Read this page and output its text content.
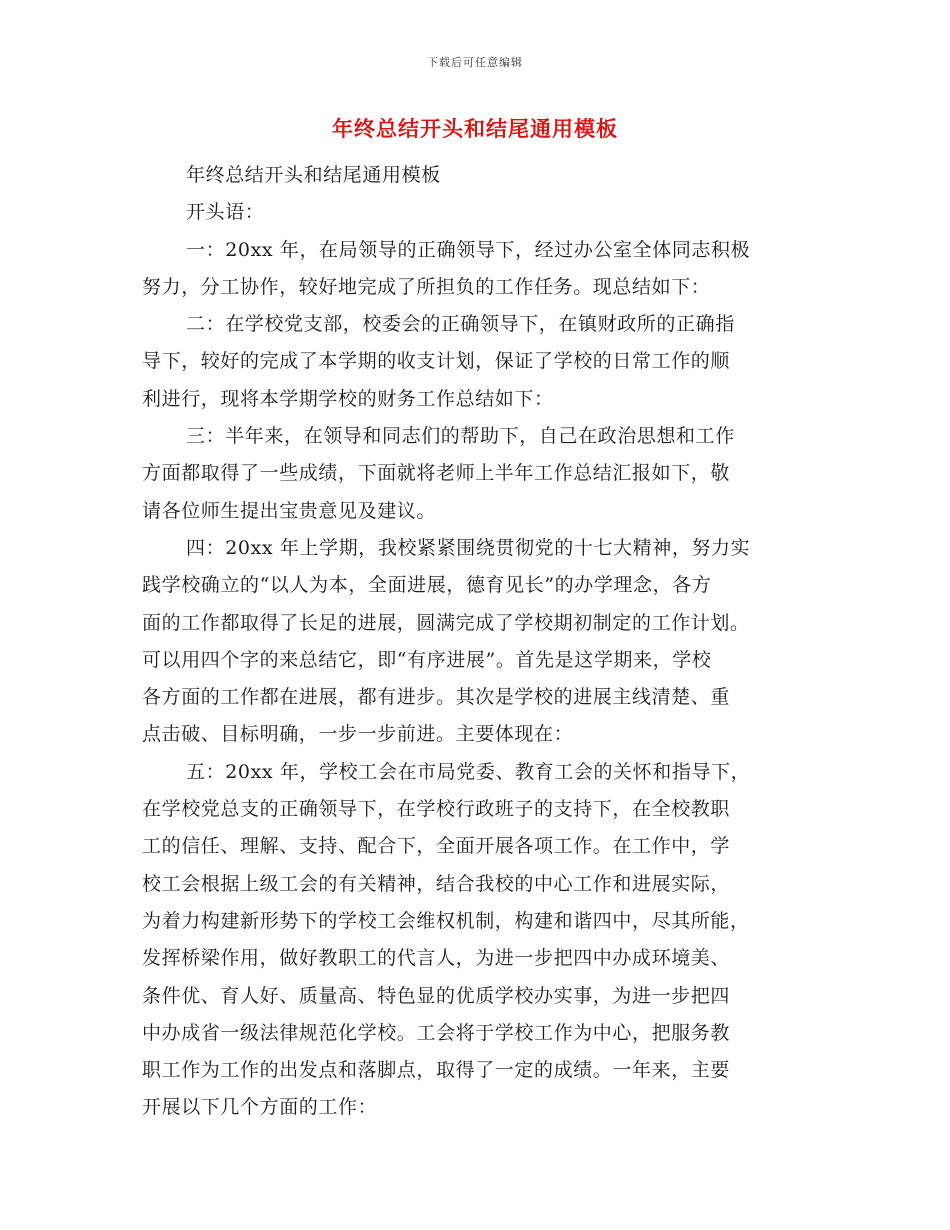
下载后可任意编辑
年终总结开头和结尾通用模板
年终总结开头和结尾通用模板
开头语：
一：20xx 年，在局领导的正确领导下，经过办公室全体同志积极
努力，分工协作，较好地完成了所担负的工作任务。现总结如下：
二：在学校党支部，校委会的正确领导下，在镇财政所的正确指
导下，较好的完成了本学期的收支计划，保证了学校的日常工作的顺
利进行，现将本学期学校的财务工作总结如下：
三：半年来，在领导和同志们的帮助下，自己在政治思想和工作
方面都取得了一些成绩，下面就将老师上半年工作总结汇报如下，敬
请各位师生提出宝贵意见及建议。
四：20xx 年上学期，我校紧紧围绕贯彻党的十七大精神，努力实
践学校确立的“以人为本，全面进展，德育见长”的办学理念，各方
面的工作都取得了长足的进展，圆满完成了学校期初制定的工作计划。
可以用四个字的来总结它，即“有序进展”。首先是这学期来，学校
各方面的工作都在进展，都有进步。其次是学校的进展主线清楚、重
点击破、目标明确，一步一步前进。主要体现在：
五：20xx 年，学校工会在市局党委、教育工会的关怀和指导下，
在学校党总支的正确领导下，在学校行政班子的支持下，在全校教职
工的信任、理解、支持、配合下，全面开展各项工作。在工作中，学
校工会根据上级工会的有关精神，结合我校的中心工作和进展实际，
为着力构建新形势下的学校工会维权机制，构建和谐四中，尽其所能，
发挥桥梁作用，做好教职工的代言人，为进一步把四中办成环境美、
条件优、育人好、质量高、特色显的优质学校办实事，为进一步把四
中办成省一级法律规范化学校。工会将于学校工作为中心，把服务教
职工作为工作的出发点和落脚点，取得了一定的成绩。一年来，主要
开展以下几个方面的工作：
